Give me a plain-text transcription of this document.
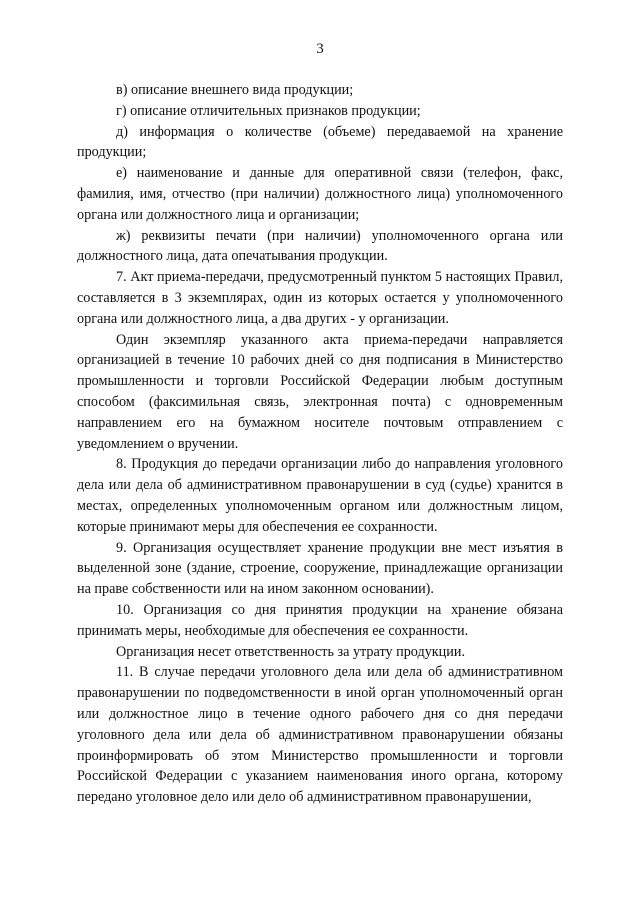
3

в) описание внешнего вида продукции;

г) описание отличительных признаков продукции;

д) информация о количестве (объеме) передаваемой на хранение продукции;

е) наименование и данные для оперативной связи (телефон, факс, фамилия, имя, отчество (при наличии) должностного лица) уполномоченного органа или должностного лица и организации;

ж) реквизиты печати (при наличии) уполномоченного органа или должностного лица, дата опечатывания продукции.

7. Акт приема-передачи, предусмотренный пунктом 5 настоящих Правил, составляется в 3 экземплярах, один из которых остается у уполномоченного органа или должностного лица, а два других - у организации.

Один экземпляр указанного акта приема-передачи направляется организацией в течение 10 рабочих дней со дня подписания в Министерство промышленности и торговли Российской Федерации любым доступным способом (факсимильная связь, электронная почта) с одновременным направлением его на бумажном носителе почтовым отправлением с уведомлением о вручении.

8. Продукция до передачи организации либо до направления уголовного дела или дела об административном правонарушении в суд (судье) хранится в местах, определенных уполномоченным органом или должностным лицом, которые принимают меры для обеспечения ее сохранности.

9. Организация осуществляет хранение продукции вне мест изъятия в выделенной зоне (здание, строение, сооружение, принадлежащие организации на праве собственности или на ином законном основании).

10. Организация со дня принятия продукции на хранение обязана принимать меры, необходимые для обеспечения ее сохранности.

Организация несет ответственность за утрату продукции.

11. В случае передачи уголовного дела или дела об административном правонарушении по подведомственности в иной орган уполномоченный орган или должностное лицо в течение одного рабочего дня со дня передачи уголовного дела или дела об административном правонарушении обязаны проинформировать об этом Министерство промышленности и торговли Российской Федерации с указанием наименования иного органа, которому передано уголовное дело или дело об административном правонарушении,
